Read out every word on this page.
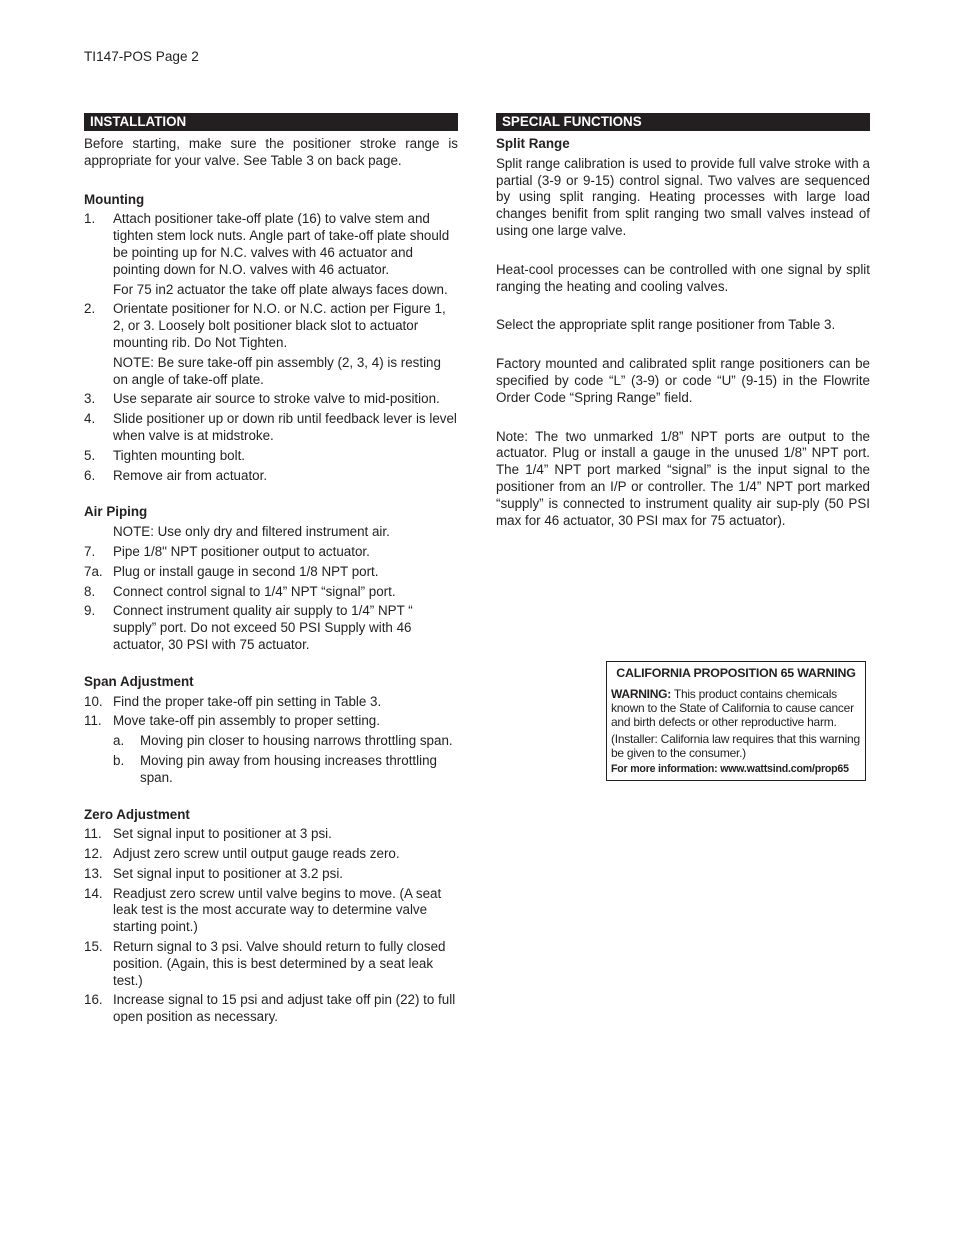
TI147-POS Page 2
INSTALLATION

Before starting, make sure the positioner stroke range is appropriate for your valve. See Table 3 on back page.

Mounting
1.	Attach positioner take-off plate (16) to valve stem and tighten stem lock nuts. Angle part of take-off plate should be pointing up for N.C. valves with 46 actuator and pointing down for N.O. valves with 46 actuator.
For 75 in2 actuator the take off plate always faces down.
2.	Orientate positioner for N.O. or N.C. action per Figure 1, 2, or 3. Loosely bolt positioner black slot to actuator mounting rib. Do Not Tighten.
NOTE: Be sure take-off pin assembly (2, 3, 4) is resting on angle of take-off plate.
3.	Use separate air source to stroke valve to mid-position.
4.	Slide positioner up or down rib until feedback lever is level when valve is at midstroke.
5.	Tighten mounting bolt.
6.	Remove air from actuator.
Air Piping
NOTE: Use only dry and filtered instrument air.
7.	Pipe 1/8" NPT positioner output to actuator.
7a. Plug or install gauge in second 1/8 NPT port.
8.	Connect control signal to 1/4” NPT “signal” port.
9.	Connect instrument quality air supply to 1/4” NPT “ supply” port. Do not exceed 50 PSI Supply with 46 actuator, 30 PSI with 75 actuator.
Span Adjustment
10. Find the proper take-off pin setting in Table 3.
11. Move take-off pin assembly to proper setting.
a.	Moving pin closer to housing narrows throttling span.
b.	Moving pin away from housing increases throttling span.
Zero Adjustment
11. Set signal input to positioner at 3 psi.
12. Adjust zero screw until output gauge reads zero.
13. Set signal input to positioner at 3.2 psi.
14. Readjust zero screw until valve begins to move. (A seat leak test is the most accurate way to determine valve starting point.)
15. Return signal to 3 psi. Valve should return to fully closed position. (Again, this is best determined by a seat leak test.)
16. Increase signal to 15 psi and adjust take off pin (22) to full open position as necessary.
SPECIAL FUNCTIONS
Split Range

Split range calibration is used to provide full valve stroke with a partial (3-9 or 9-15) control signal. Two valves are sequenced by using split ranging. Heating processes with large load changes benifit from split ranging two small valves instead of using one large valve.

Heat-cool processes can be controlled with one signal by split ranging the heating and cooling valves.

Select the appropriate split range positioner from Table 3.

Factory mounted and calibrated split range positioners can be specified by code “L” (3-9) or code “U” (9-15) in the Flowrite Order Code “Spring Range” field.

Note: The two unmarked 1/8” NPT ports are output to the actuator. Plug or install a gauge in the unused 1/8” NPT port. The 1/4” NPT port marked “signal” is the input signal to the positioner from an I/P or controller. The 1/4” NPT port marked “supply” is connected to instrument quality air sup-ply (50 PSI max for 46 actuator, 30 PSI max for 75 actuator).

CALIFORNIA PROPOSITION 65 WARNING
WARNING: This product contains chemicals known to the State of California to cause cancer and birth defects or other reproductive harm.
(Installer: California law requires that this warning be given to the consumer.)
For more information: www.wattsind.com/prop65
